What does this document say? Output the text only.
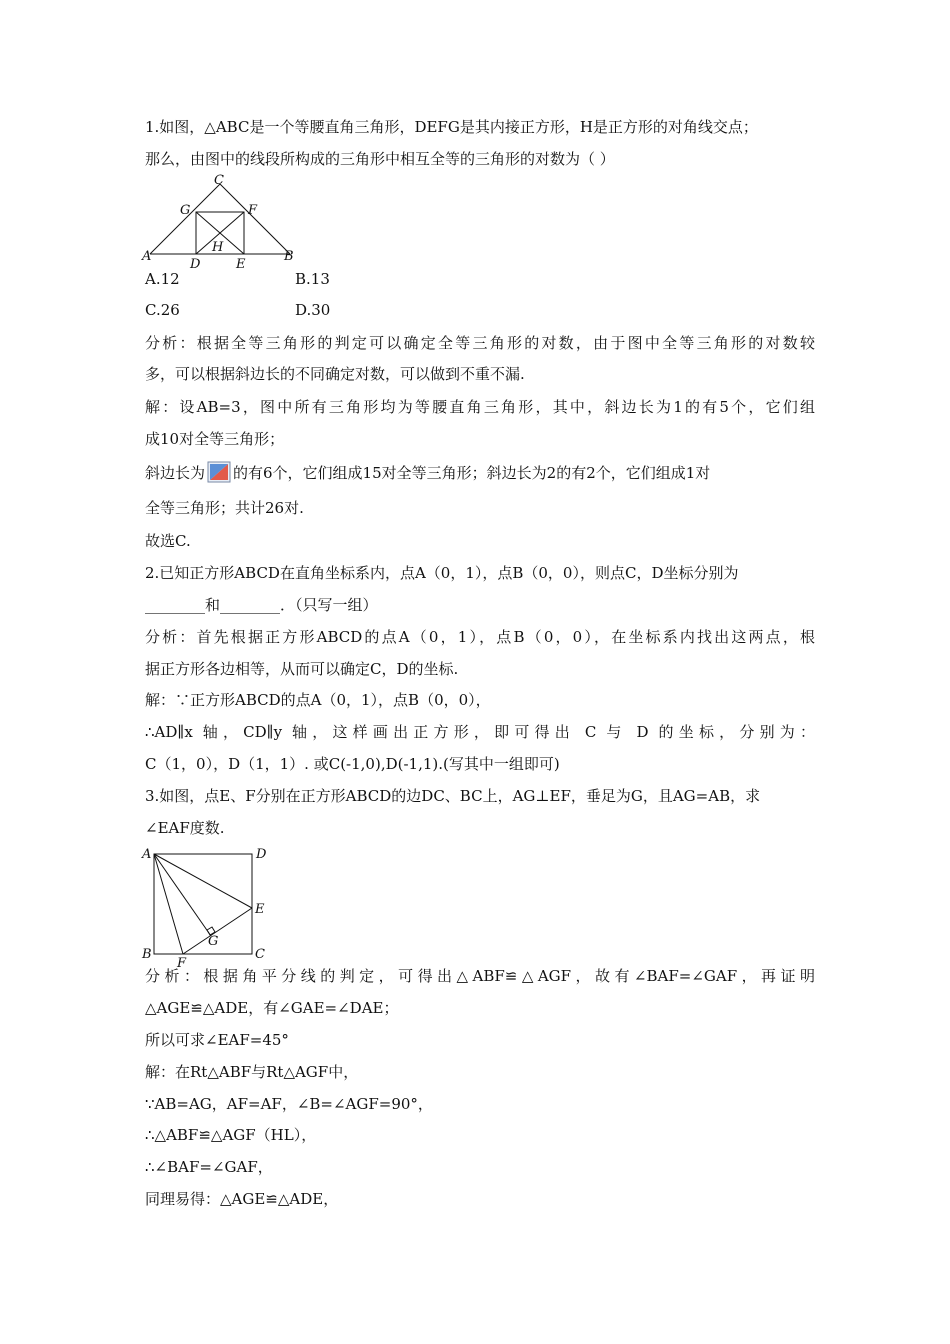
1.如图，△ABC是一个等腰直角三角形，DEFG是其内接正方形，H是正方形的对角线交点；
那么，由图中的线段所构成的三角形中相互全等的三角形的对数为（ ）
C
G	F
H
A	B
D	E
A.12	B.13
C.26	D.30
分析：根据全等三角形的判定可以确定全等三角形的对数，由于图中全等三角形的对数较
多，可以根据斜边长的不同确定对数，可以做到不重不漏.
解：设AB=3，图中所有三角形均为等腰直角三角形，其中，斜边长为1的有5个，它们组
成10对全等三角形；
斜边长为 的有6个，它们组成15对全等三角形；斜边长为2的有2个，它们组成1对
全等三角形；共计26对.
故选C.
2.已知正方形ABCD在直角坐标系内，点A（0，1），点B（0，0），则点C，D坐标分别为
________和________．（只写一组）
分析：首先根据正方形ABCD的点A（0，1），点B（0，0），在坐标系内找出这两点，根
据正方形各边相等，从而可以确定C，D的坐标.
解：∵正方形ABCD的点A（0，1），点B（0，0），
∴AD∥x 轴，CD∥y 轴，这样画出正方形，即可得出 C 与 D 的坐标，分别为：
C（1，0），D（1，1）. 或C(-1,0),D(-1,1).(写其中一组即可)
3.如图，点E、F分别在正方形ABCD的边DC、BC上，AG⊥EF，垂足为G，且AG=AB，求
∠EAF度数.
A	D
E
G
B	C
F
分析：根据角平分线的判定，可得出△ABF≌△AGF，故有∠BAF=∠GAF，再证明
△AGE≌△ADE，有∠GAE=∠DAE；
所以可求∠EAF=45°
解：在Rt△ABF与Rt△AGF中，
∵AB=AG，AF=AF，∠B=∠AGF=90°，
∴△ABF≌△AGF（HL），
∴∠BAF=∠GAF，
同理易得：△AGE≌△ADE，
